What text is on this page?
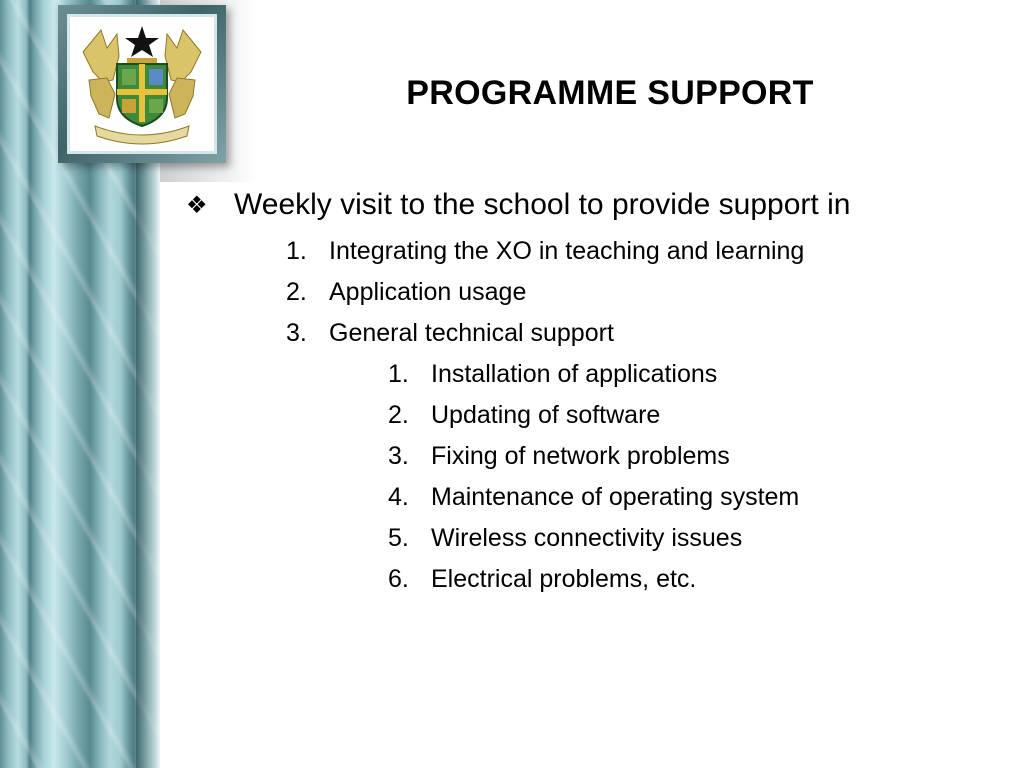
PROGRAMME SUPPORT
❖ Weekly visit to the school to provide support in
1. Integrating the XO in teaching and learning
2. Application usage
3. General technical support
1. Installation of applications
2. Updating of software
3. Fixing of network problems
4. Maintenance of operating system
5. Wireless connectivity issues
6. Electrical problems, etc.
